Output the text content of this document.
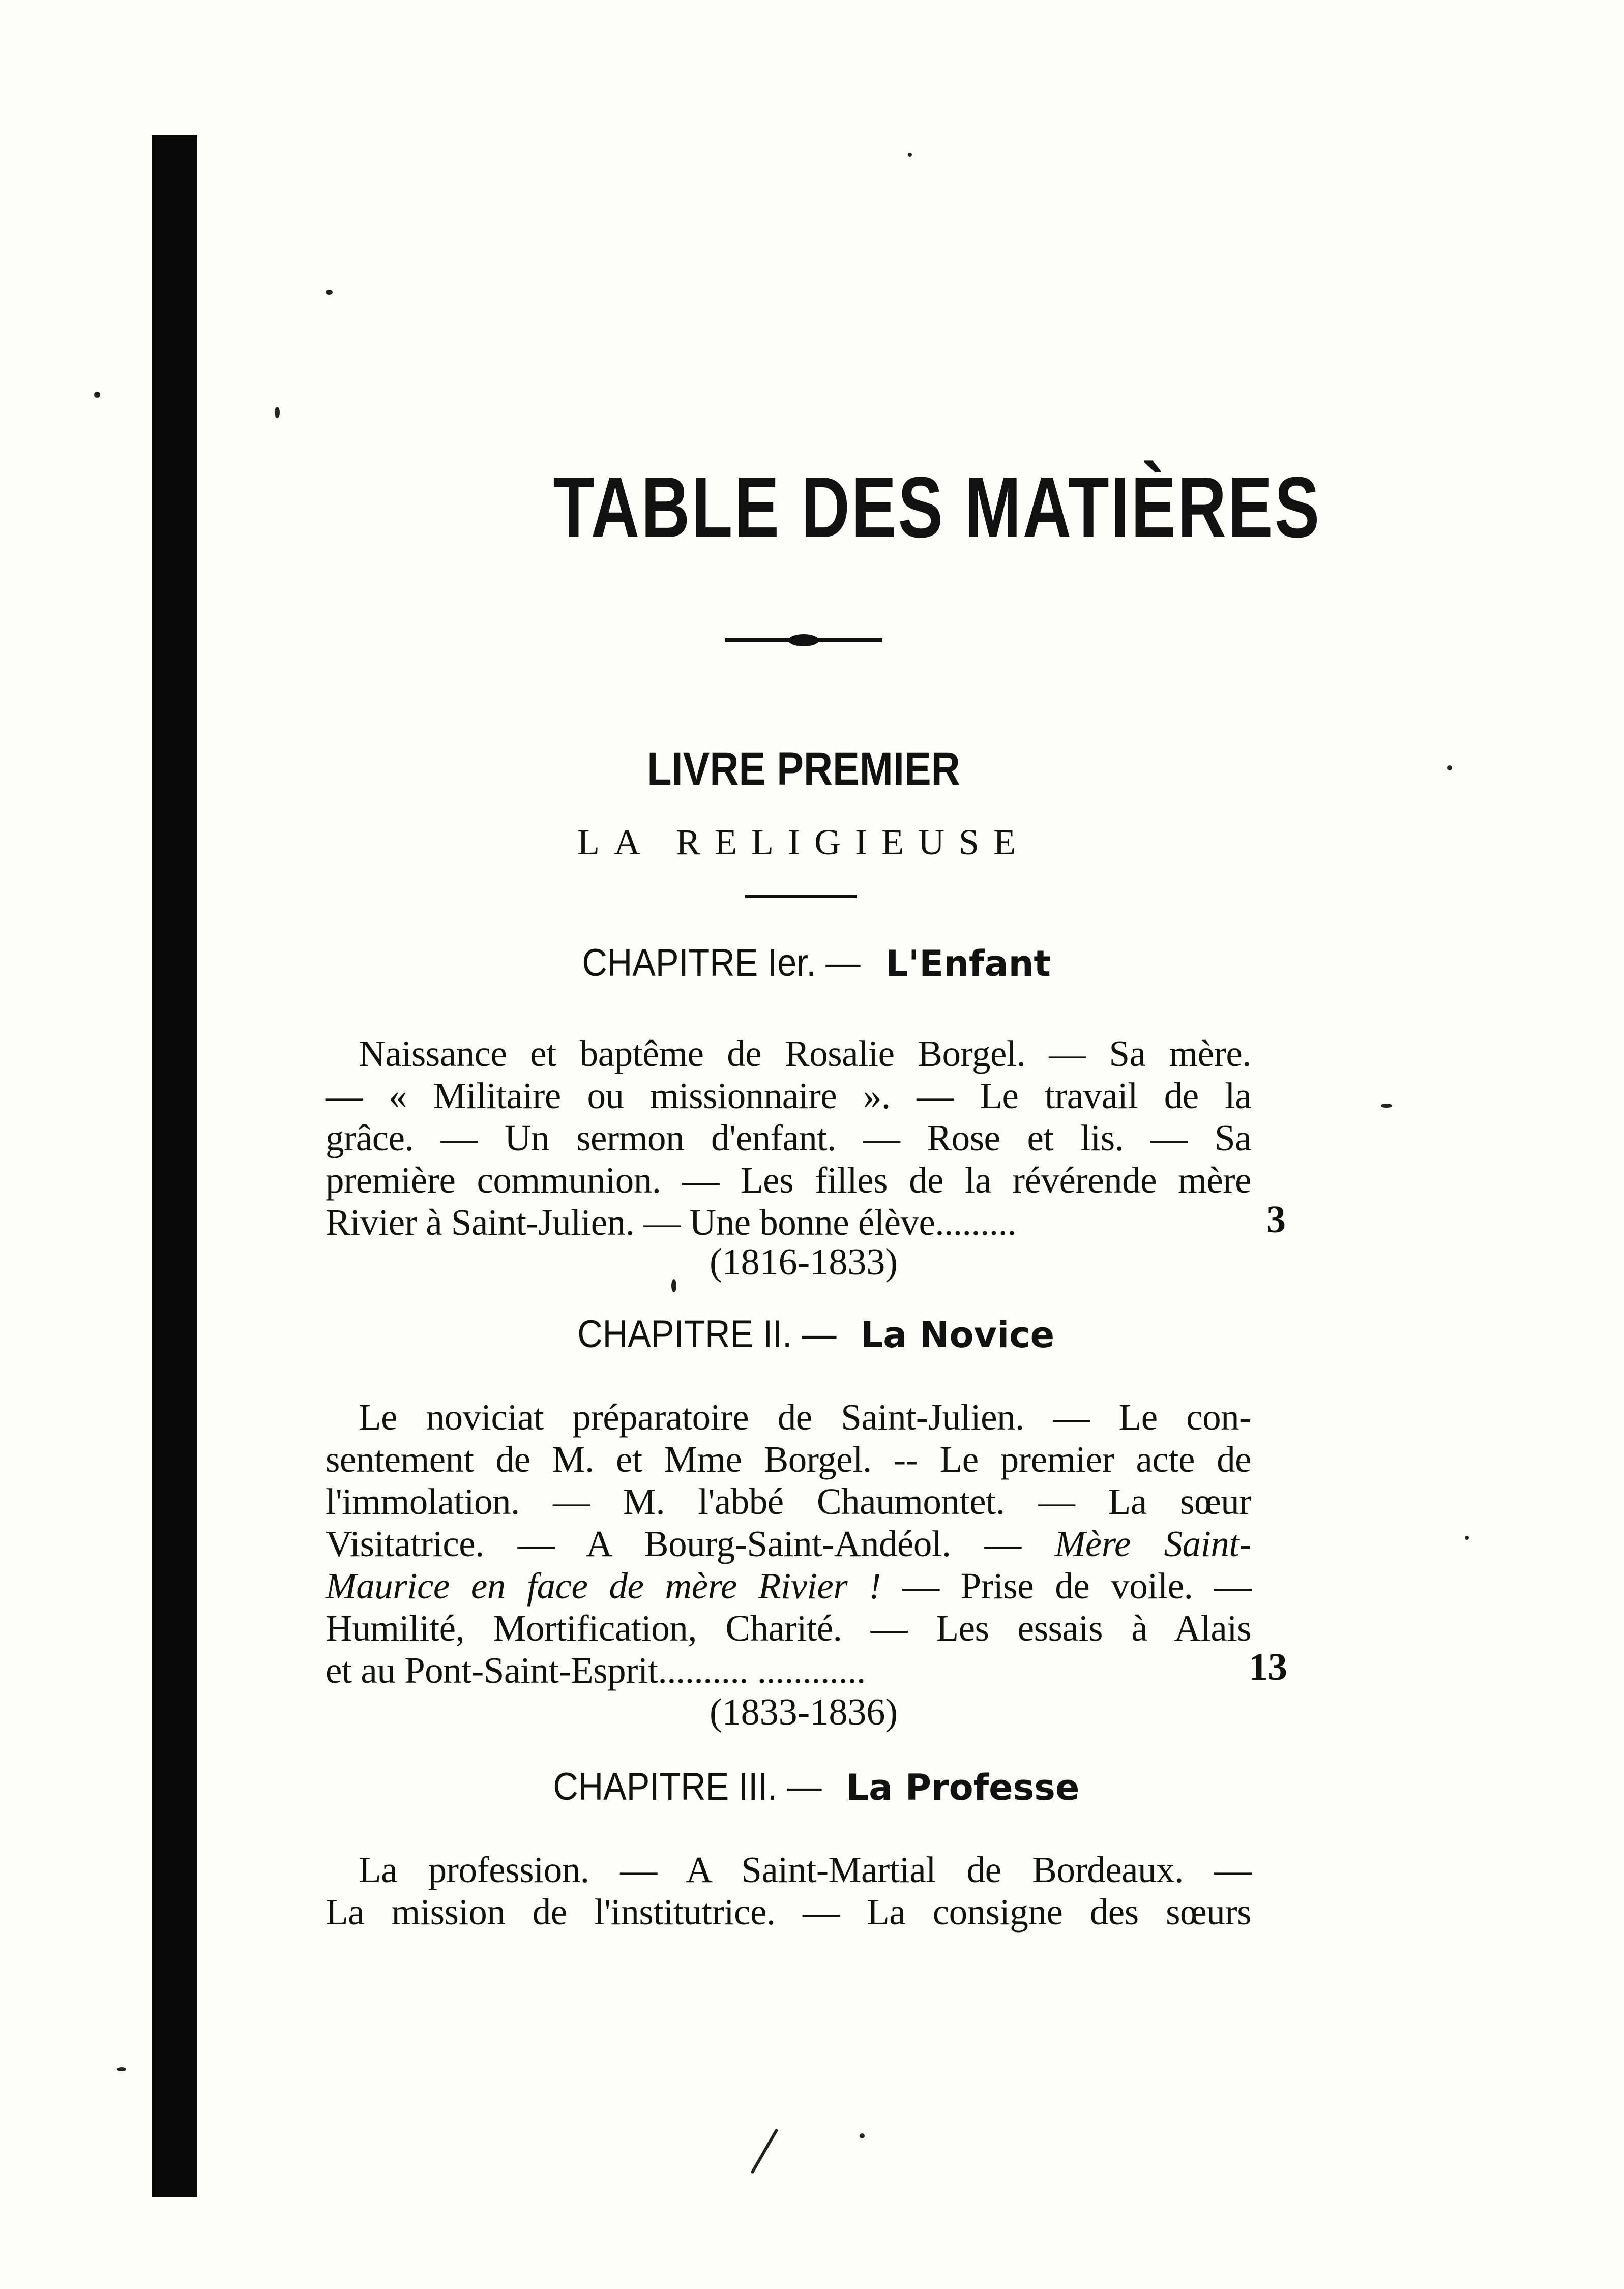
TABLE DES MATIÈRES
LIVRE PREMIER
LA RELIGIEUSE
CHAPITRE Ier. — L'Enfant
Naissance et baptême de Rosalie Borgel. — Sa mère.
— « Militaire ou missionnaire ». — Le travail de la
grâce. — Un sermon d'enfant. — Rose et lis. — Sa
première communion. — Les filles de la révérende mère
Rivier à Saint-Julien. — Une bonne élève.........	3
(1816-1833)
CHAPITRE II. — La Novice
Le noviciat préparatoire de Saint-Julien. — Le con-
sentement de M. et Mme Borgel. -- Le premier acte de
l'immolation. — M. l'abbé Chaumontet. — La sœur
Visitatrice. — A Bourg-Saint-Andéol. — Mère Saint-
Maurice en face de mère Rivier ! — Prise de voile. —
Humilité, Mortification, Charité. — Les essais à Alais
et au Pont-Saint-Esprit.......... ............	13
(1833-1836)
CHAPITRE III. — La Professe
La profession. — A Saint-Martial de Bordeaux. —
La mission de l'institutrice. — La consigne des sœurs
